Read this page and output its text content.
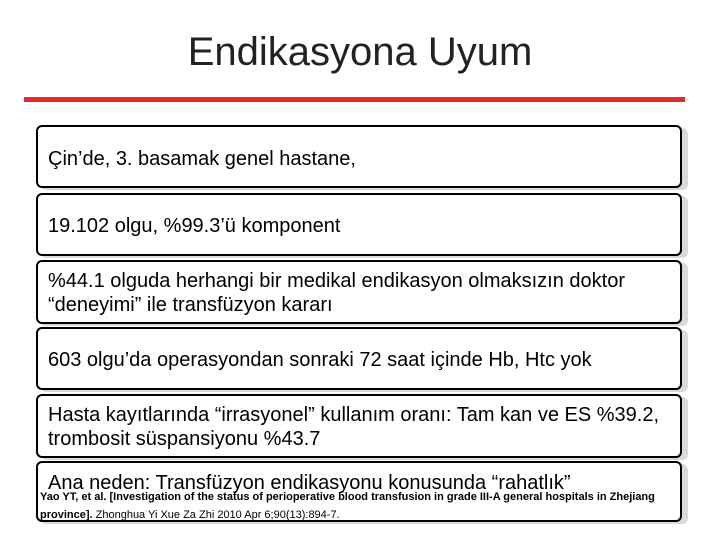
Endikasyona Uyum
Çin’de, 3. basamak genel hastane,
19.102 olgu, %99.3’ü komponent
%44.1 olguda herhangi bir medikal endikasyon olmaksızın doktor “deneyimi” ile transfüzyon kararı
603 olgu’da operasyondan sonraki 72 saat içinde Hb, Htc yok
Hasta kayıtlarında “irrasyonel” kullanım oranı: Tam kan ve ES %39.2, trombosit süspansiyonu %43.7
Ana neden: Transfüzyon endikasyonu konusunda “rahatlık”
Yao YT, et al. [Investigation of the status of perioperative blood transfusion in grade III-A general hospitals in Zhejiang province]. Zhonghua Yi Xue Za Zhi 2010 Apr 6;90(13):894-7.
